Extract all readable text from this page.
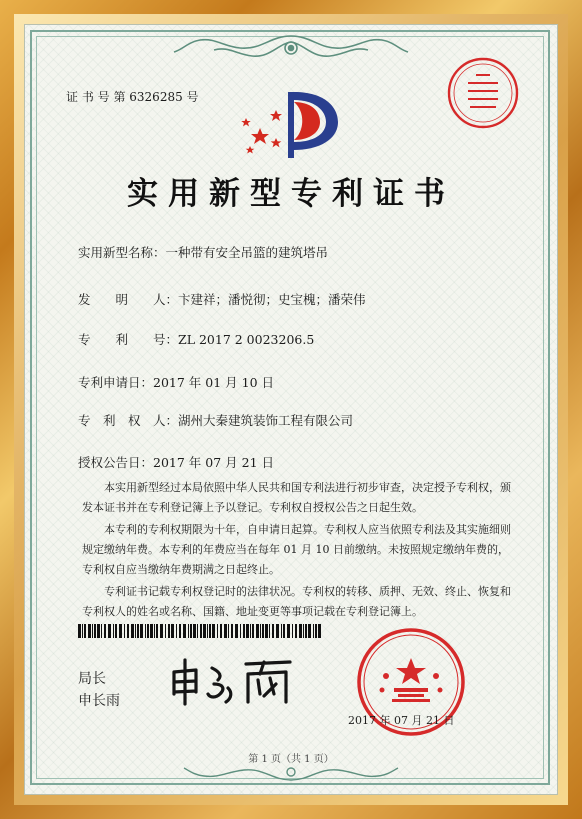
证 书 号 第 6326285 号
实用新型专利证书
实用新型名称：一种带有安全吊篮的建筑塔吊
发　　明　　人：卞建祥；潘悦彻；史宝槐；潘荣伟
专　　利　　号：ZL 2017 2 0023206.5
专利申请日：2017 年 01 月 10 日
专　利　权　人：湖州大秦建筑装饰工程有限公司
授权公告日：2017 年 07 月 21 日
本实用新型经过本局依照中华人民共和国专利法进行初步审查，决定授予专利权，颁发本证书并在专利登记簿上予以登记。专利权自授权公告之日起生效。
本专利的专利权期限为十年，自申请日起算。专利权人应当依照专利法及其实施细则规定缴纳年费。本专利的年费应当在每年 01 月 10 日前缴纳。未按照规定缴纳年费的，专利权自应当缴纳年费期满之日起终止。
专利证书记载专利权登记时的法律状况。专利权的转移、质押、无效、终止、恢复和专利权人的姓名或名称、国籍、地址变更等事项记载在专利登记簿上。
局长
申长雨
2017 年 07 月 21 日
第 1 页（共 1 页）
